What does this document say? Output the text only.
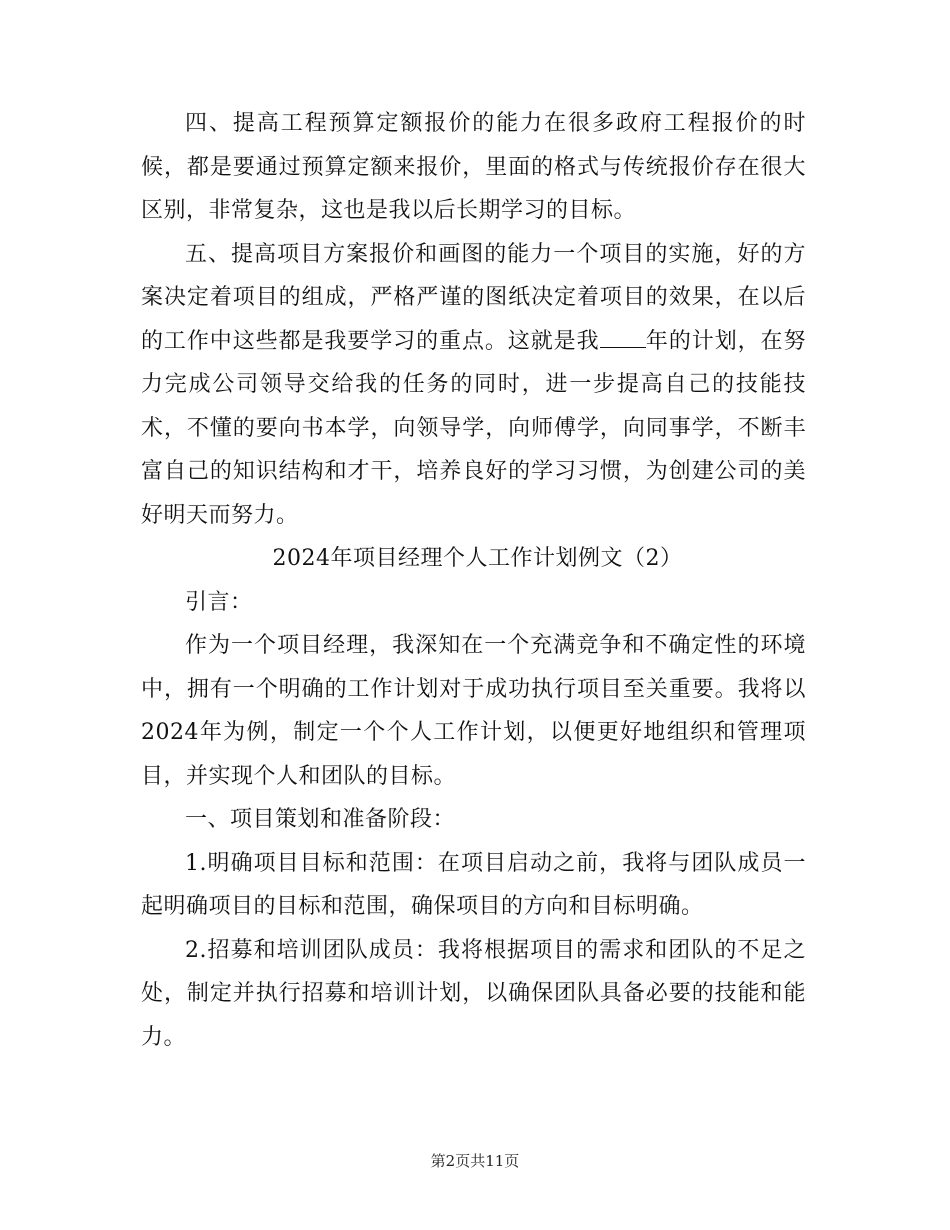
四、提高工程预算定额报价的能力在很多政府工程报价的时候，都是要通过预算定额来报价，里面的格式与传统报价存在很大区别，非常复杂，这也是我以后长期学习的目标。

五、提高项目方案报价和画图的能力一个项目的实施，好的方案决定着项目的组成，严格严谨的图纸决定着项目的效果，在以后的工作中这些都是我要学习的重点。这就是我 年的计划，在努力完成公司领导交给我的任务的同时，进一步提高自己的技能技术，不懂的要向书本学，向领导学，向师傅学，向同事学，不断丰富自己的知识结构和才干，培养良好的学习习惯，为创建公司的美好明天而努力。

2024年项目经理个人工作计划例文（2）

引言：

作为一个项目经理，我深知在一个充满竞争和不确定性的环境中，拥有一个明确的工作计划对于成功执行项目至关重要。我将以2024年为例，制定一个个人工作计划，以便更好地组织和管理项目，并实现个人和团队的目标。

一、项目策划和准备阶段：

1.明确项目目标和范围：在项目启动之前，我将与团队成员一起明确项目的目标和范围，确保项目的方向和目标明确。

2.招募和培训团队成员：我将根据项目的需求和团队的不足之处，制定并执行招募和培训计划，以确保团队具备必要的技能和能力。

第2页共11页
